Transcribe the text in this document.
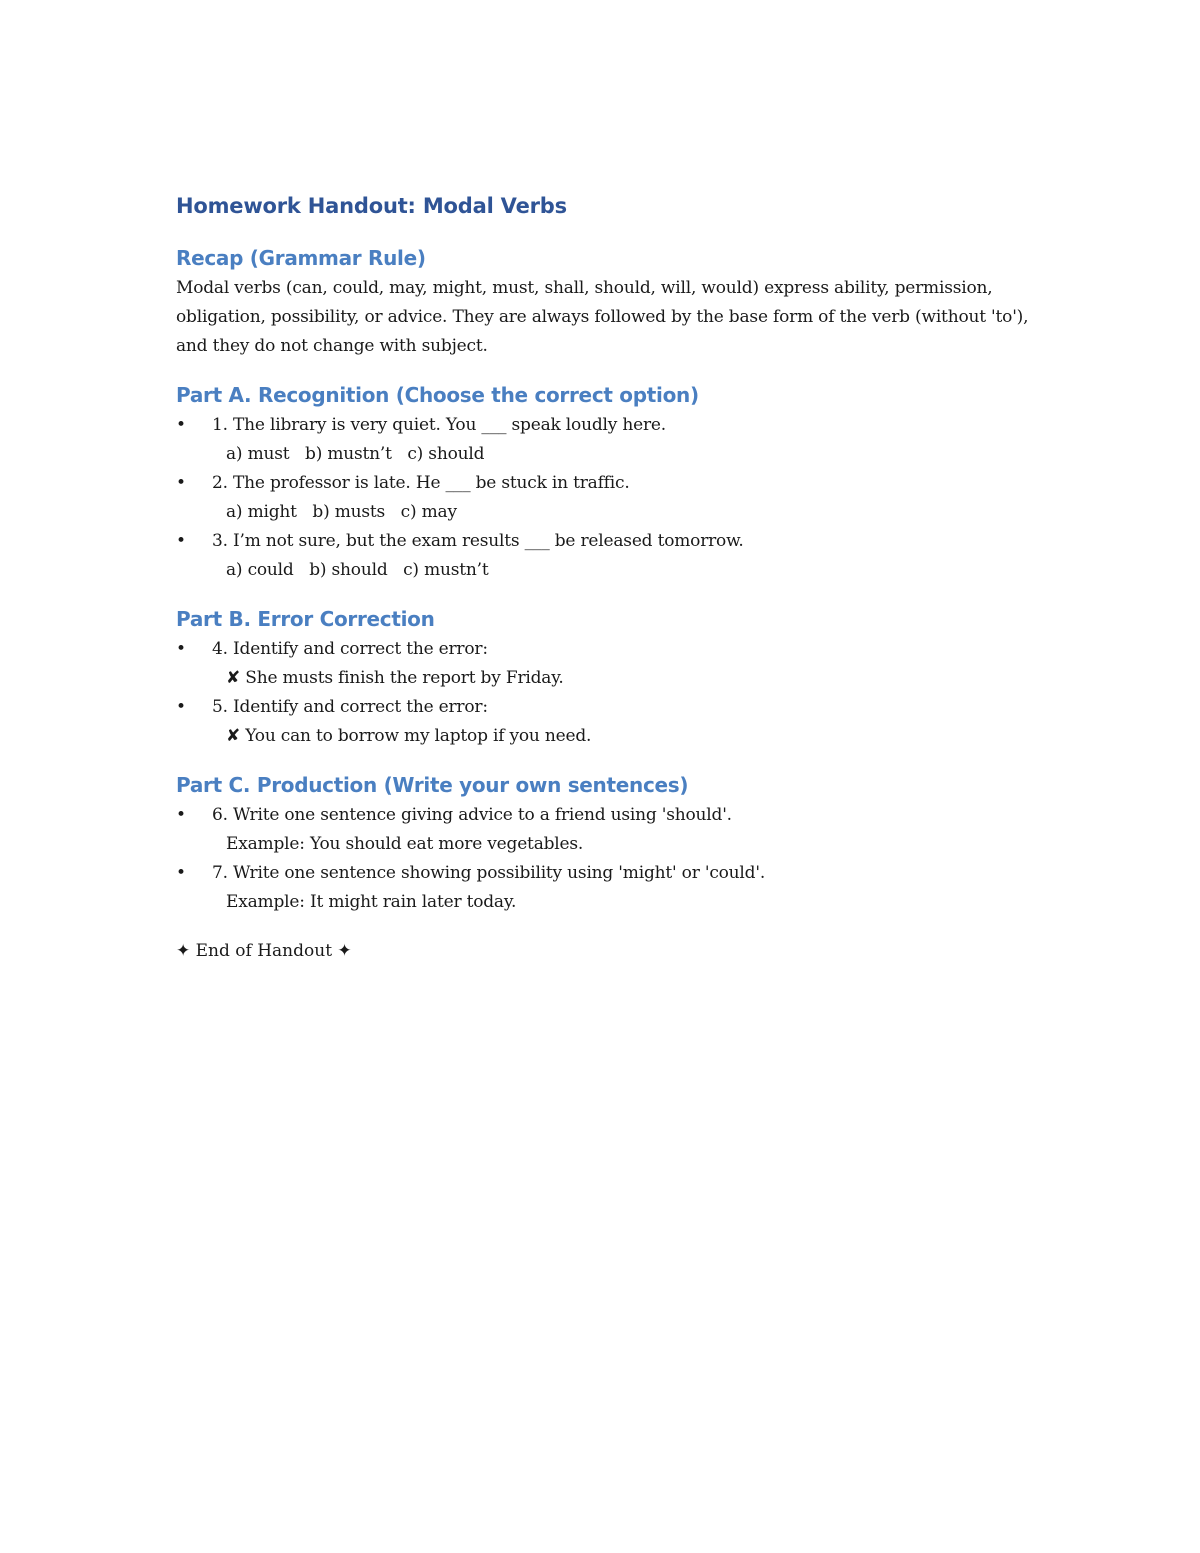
Homework Handout: Modal Verbs
Recap (Grammar Rule)

Modal verbs (can, could, may, might, must, shall, should, will, would) express ability, permission, obligation, possibility, or advice. They are always followed by the base form of the verb (without 'to'), and they do not change with subject.

Part A. Recognition (Choose the correct option)
• 1. The library is very quiet. You ___ speak loudly here.
a) must   b) mustn’t   c) should
• 2. The professor is late. He ___ be stuck in traffic.
a) might   b) musts   c) may
• 3. I’m not sure, but the exam results ___ be released tomorrow.
a) could   b) should   c) mustn’t
Part B. Error Correction
• 4. Identify and correct the error:
✘ She musts finish the report by Friday.
• 5. Identify and correct the error:
✘ You can to borrow my laptop if you need.
Part C. Production (Write your own sentences)
• 6. Write one sentence giving advice to a friend using 'should'.
Example: You should eat more vegetables.
• 7. Write one sentence showing possibility using 'might' or 'could'.
Example: It might rain later today.

✦ End of Handout ✦
